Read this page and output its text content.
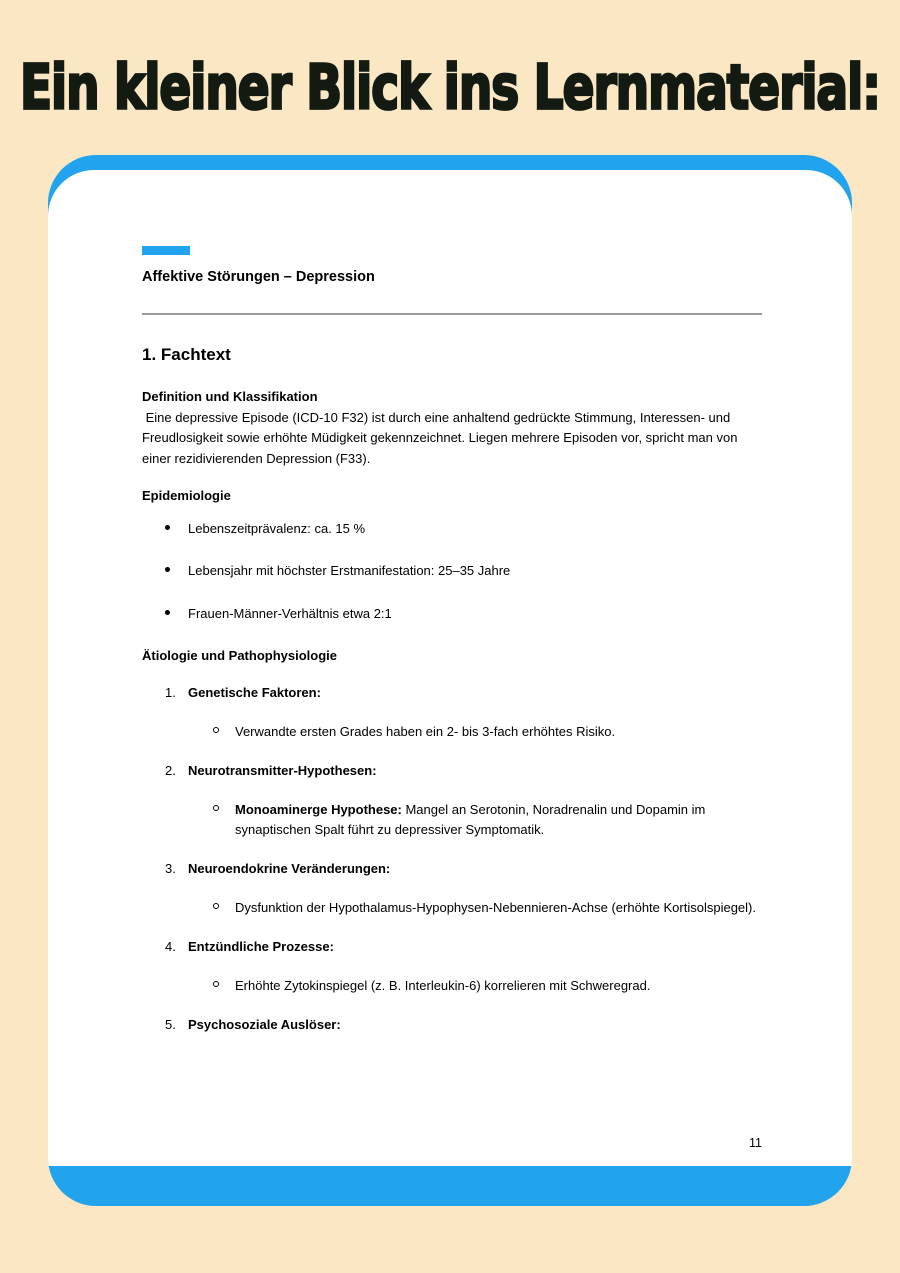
Ein kleiner Blick ins Lernmaterial:
Affektive Störungen – Depression
1. Fachtext
Definition und Klassifikation

Eine depressive Episode (ICD-10 F32) ist durch eine anhaltend gedrückte Stimmung, Interessen- und Freudlosigkeit sowie erhöhte Müdigkeit gekennzeichnet. Liegen mehrere Episoden vor, spricht man von einer rezidivierenden Depression (F33).

Epidemiologie
Lebenszeitprävalenz: ca. 15 %
Lebensjahr mit höchster Erstmanifestation: 25–35 Jahre
Frauen-Männer-Verhältnis etwa 2:1
Ätiologie und Pathophysiologie
1. Genetische Faktoren:
Verwandte ersten Grades haben ein 2- bis 3-fach erhöhtes Risiko.
2. Neurotransmitter-Hypothesen:
Monoaminerge Hypothese: Mangel an Serotonin, Noradrenalin und Dopamin im synaptischen Spalt führt zu depressiver Symptomatik.
3. Neuroendokrine Veränderungen:
Dysfunktion der Hypothalamus-Hypophysen-Nebennieren-Achse (erhöhte Kortisolspiegel).
4. Entzündliche Prozesse:
Erhöhte Zytokinspiegel (z. B. Interleukin-6) korrelieren mit Schweregrad.
5. Psychosoziale Auslöser:
11
